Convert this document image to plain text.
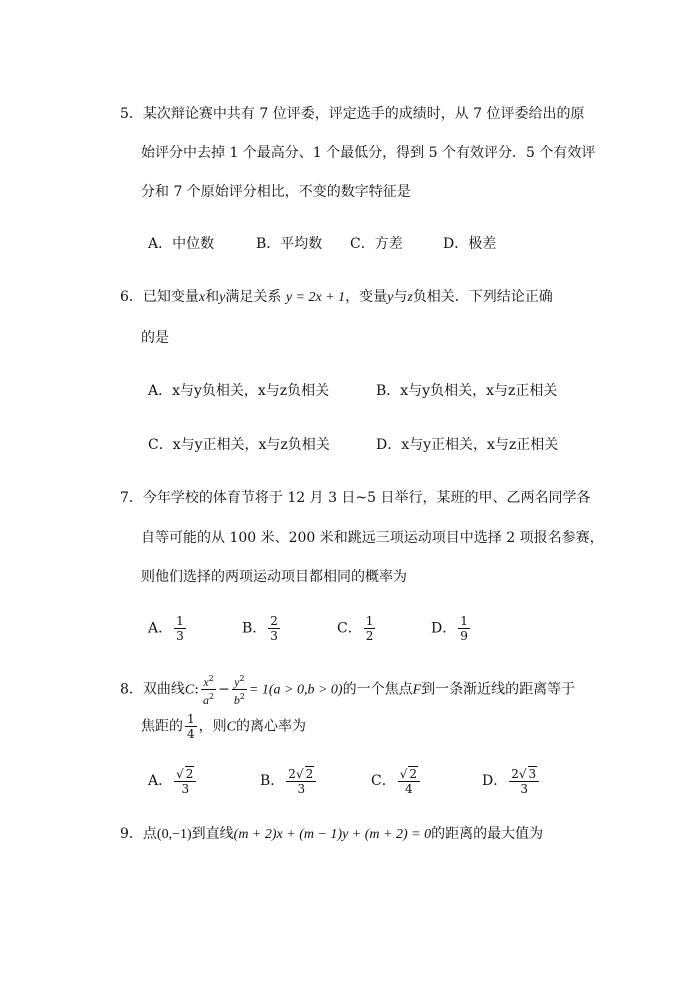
5．某次辩论赛中共有 7 位评委，评定选手的成绩时，从 7 位评委给出的原
始评分中去掉 1 个最高分、1 个最低分，得到 5 个有效评分．5 个有效评
分和 7 个原始评分相比，不变的数字特征是
A．中位数	B．平均数 C．方差	D．极差
6．已知变量x和y满足关系 y = 2x + 1，变量y与z负相关．下列结论正确
的是
A．x与y负相关，x与z负相关	B．x与y负相关，x与z正相关
C．x与y正相关，x与z负相关	D．x与y正相关，x与z正相关
7．今年学校的体育节将于 12 月 3 日~5 日举行，某班的甲、乙两名同学各
自等可能的从 100 米、200 米和跳远三项运动项目中选择 2 项报名参赛，
则他们选择的两项运动项目都相同的概率为
A． $\frac{1}{3}$	B． $\frac{2}{3}$	C． $\frac{1}{2}$	D． $\frac{1}{9}$
8．双曲线C: $\frac{x^2}{a^2} - \frac{y^2}{b^2} = 1(a > 0,b > 0)$的一个焦点F到一条渐近线的距离等于
焦距的 $\frac{1}{4}$ ，则C的离心率为
A． $\frac{√ 2}{3}$	B． $\frac{2√ 2}{3}$	C． $\frac{√ 2}{4}$	D． $\frac{2√ 3}{3}$
9．点(0,−1)到直线(m + 2)x + (m − 1)y + (m + 2) = 0的距离的最大值为
